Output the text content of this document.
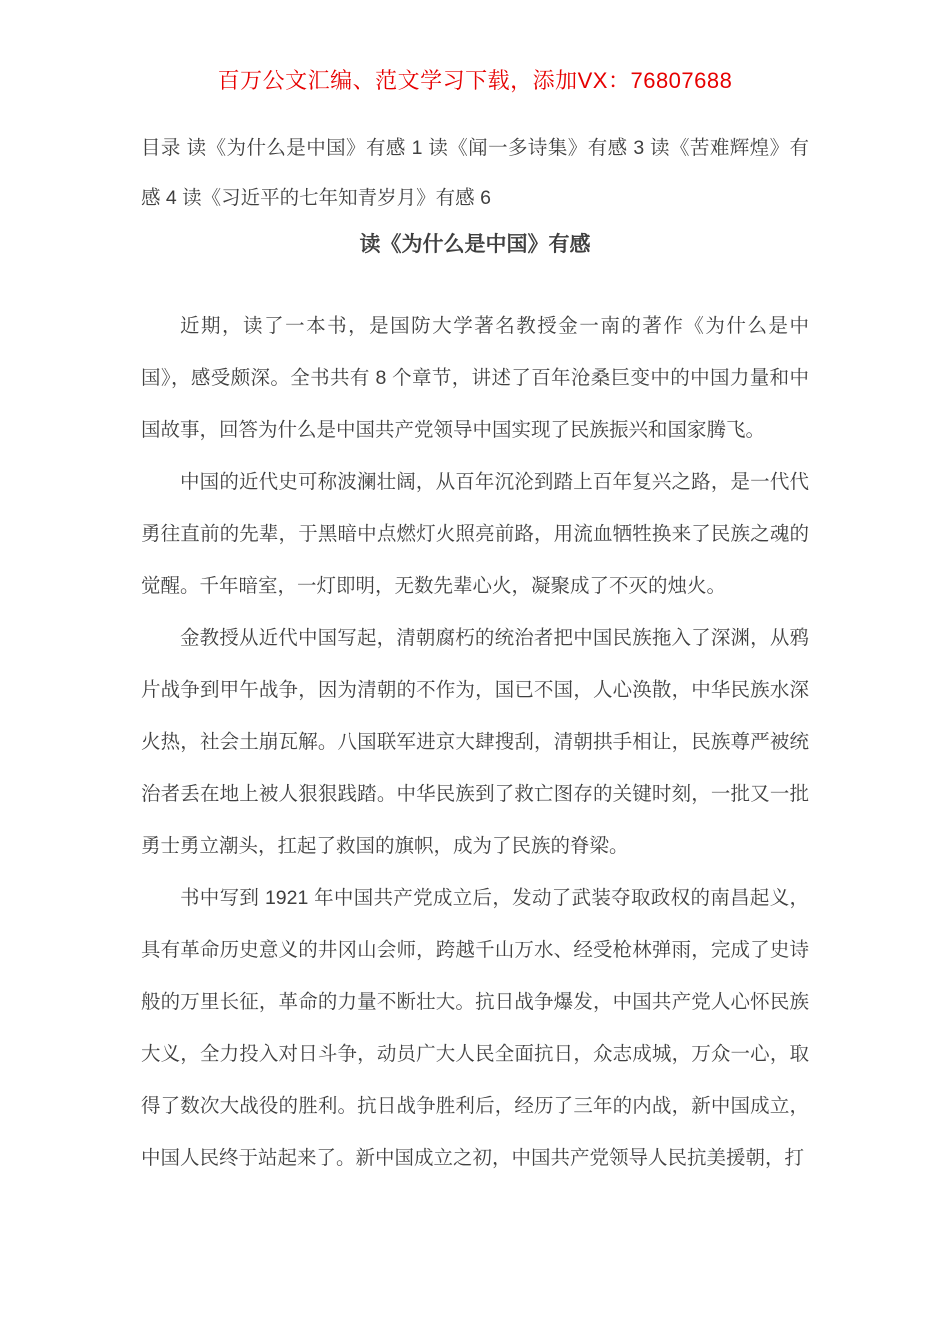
百万公文汇编、范文学习下载，添加VX：76807688

目录 读《为什么是中国》有感 1 读《闻一多诗集》有感 3 读《苦难辉煌》有感 4 读《习近平的七年知青岁月》有感 6

读《为什么是中国》有感

近期，读了一本书，是国防大学著名教授金一南的著作《为什么是中国》，感受颇深。全书共有 8 个章节，讲述了百年沧桑巨变中的中国力量和中国故事，回答为什么是中国共产党领导中国实现了民族振兴和国家腾飞。

中国的近代史可称波澜壮阔，从百年沉沦到踏上百年复兴之路，是一代代勇往直前的先辈，于黑暗中点燃灯火照亮前路，用流血牺牲换来了民族之魂的觉醒。千年暗室，一灯即明，无数先辈心火，凝聚成了不灭的烛火。

金教授从近代中国写起，清朝腐朽的统治者把中国民族拖入了深渊，从鸦片战争到甲午战争，因为清朝的不作为，国已不国，人心涣散，中华民族水深火热，社会土崩瓦解。八国联军进京大肆搜刮，清朝拱手相让，民族尊严被统治者丢在地上被人狠狠践踏。中华民族到了救亡图存的关键时刻，一批又一批勇士勇立潮头，扛起了救国的旗帜，成为了民族的脊梁。

书中写到 1921 年中国共产党成立后，发动了武装夺取政权的南昌起义，具有革命历史意义的井冈山会师，跨越千山万水、经受枪林弹雨，完成了史诗般的万里长征，革命的力量不断壮大。抗日战争爆发，中国共产党人心怀民族大义，全力投入对日斗争，动员广大人民全面抗日，众志成城，万众一心，取得了数次大战役的胜利。抗日战争胜利后，经历了三年的内战，新中国成立，中国人民终于站起来了。新中国成立之初，中国共产党领导人民抗美援朝，打
